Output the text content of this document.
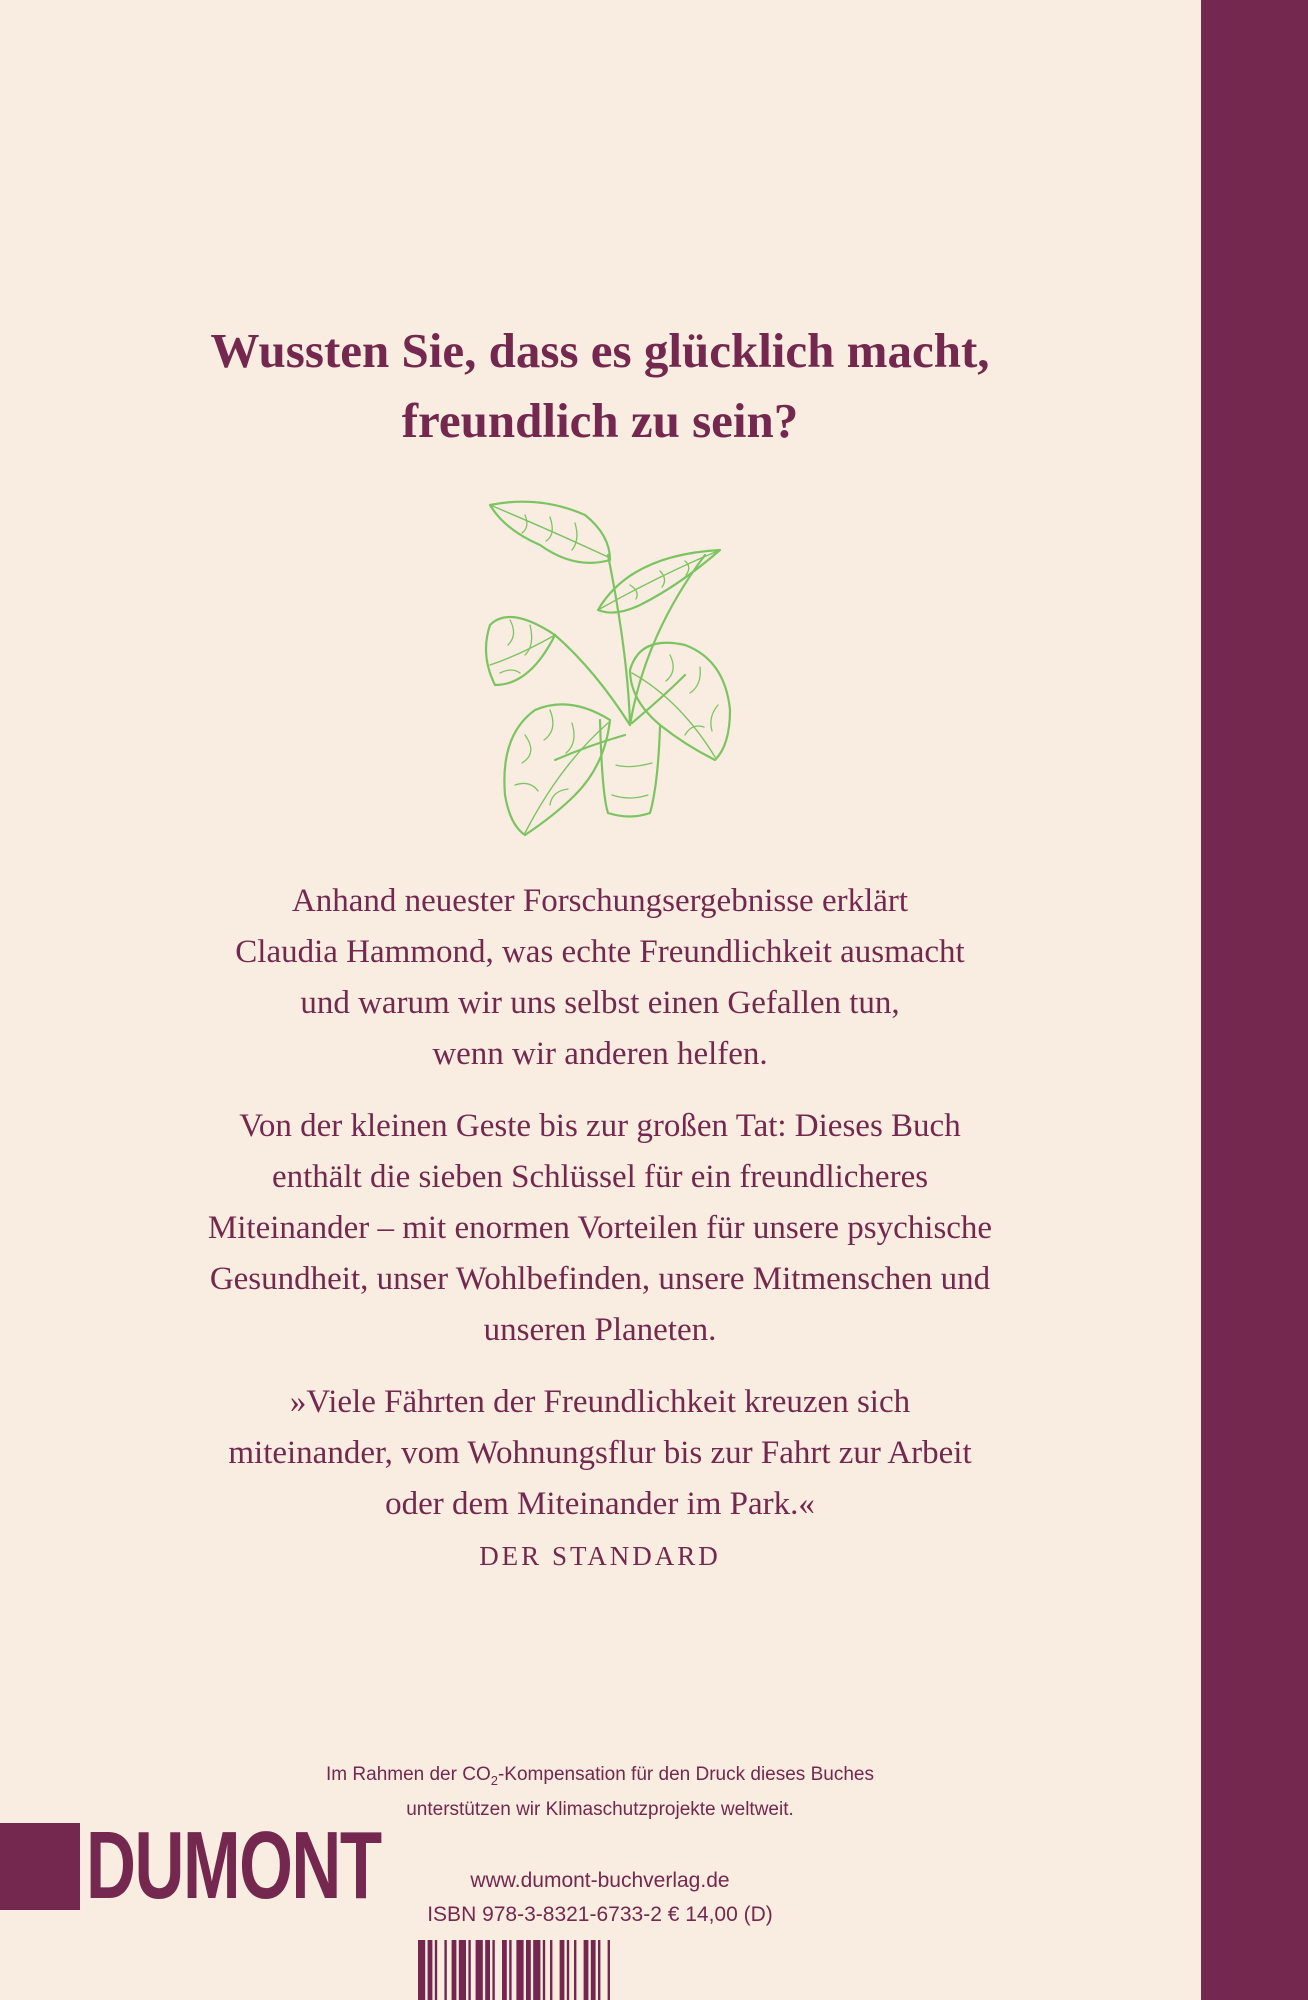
Wussten Sie, dass es glücklich macht,
freundlich zu sein?
Anhand neuester Forschungsergebnisse erklärt
Claudia Hammond, was echte Freundlichkeit ausmacht
und warum wir uns selbst einen Gefallen tun,
wenn wir anderen helfen.
Von der kleinen Geste bis zur großen Tat: Dieses Buch
enthält die sieben Schlüssel für ein freundlicheres
Miteinander – mit enormen Vorteilen für unsere psychische
Gesundheit, unser Wohlbefinden, unsere Mitmenschen und
unseren Planeten.
»Viele Fährten der Freundlichkeit kreuzen sich
miteinander, vom Wohnungsflur bis zur Fahrt zur Arbeit
oder dem Miteinander im Park.«
DER STANDARD
Im Rahmen der $CO_2$-Kompensation für den Druck dieses Buches
unterstützen wir Klimaschutzprojekte weltweit.
DUMONT	www.dumont-buchverlag.de
ISBN 978-3-8321-6733-2 € 14,00 (D)
